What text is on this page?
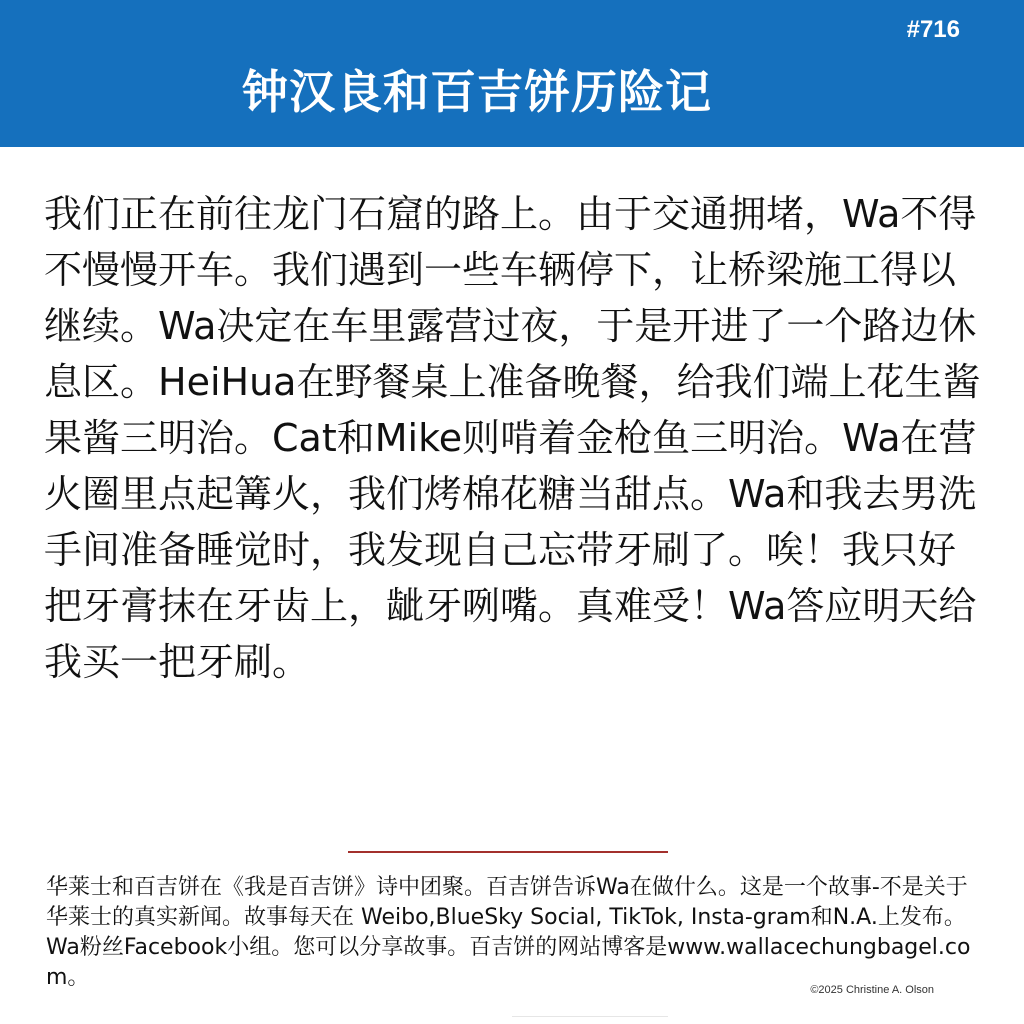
#716
钟汉良和百吉饼历险记

我们正在前往龙门石窟的路上。由于交通拥堵，Wa不得不慢慢开车。我们遇到一些车辆停下，让桥梁施工得以继续。Wa决定在车里露营过夜，于是开进了一个路边休息区。HeiHua在野餐桌上准备晚餐，给我们端上花生酱果酱三明治。Cat和Mike则啃着金枪鱼三明治。Wa在营火圈里点起篝火，我们烤棉花糖当甜点。Wa和我去男洗手间准备睡觉时，我发现自己忘带牙刷了。唉！我只好把牙膏抹在牙齿上，龇牙咧嘴。真难受！Wa答应明天给我买一把牙刷。

华莱士和百吉饼在《我是百吉饼》诗中团聚。百吉饼告诉Wa在做什么。这是一个故事-不是关于华莱士的真实新闻。故事每天在 Weibo,BlueSky Social, TikTok, Insta-gram和N.A.上发布。Wa粉丝Facebook小组。您可以分享故事。百吉饼的网站博客是www.wallacechungbagel.com。	©2025 Christine A. Olson
